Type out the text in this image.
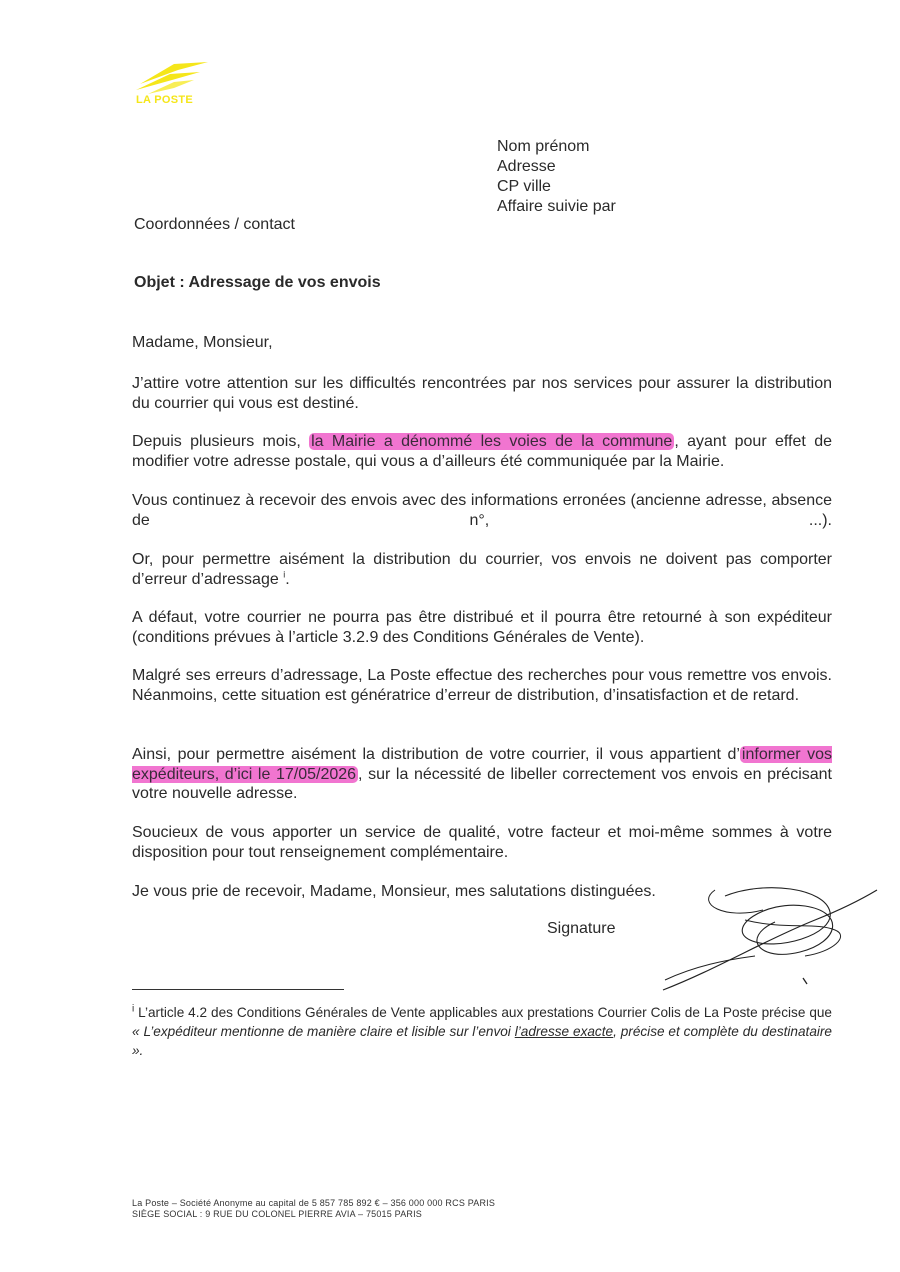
LA POSTE
Nom prénom
Adresse
CP ville
Affaire suivie par
Coordonnées / contact
Objet : Adressage de vos envois
Madame, Monsieur,
J’attire votre attention sur les difficultés rencontrées par nos services pour assurer la distribution du courrier qui vous est destiné.
Depuis plusieurs mois, la Mairie a dénommé les voies de la commune , ayant pour effet de modifier votre adresse postale, qui vous a d’ailleurs été communiquée par la Mairie.
Vous continuez à recevoir des envois avec des informations erronées (ancienne adresse, absence de n°, ...).
Or, pour permettre aisément la distribution du courrier, vos envois ne doivent pas comporter d’erreur d’adressage $^i$.
A défaut, votre courrier ne pourra pas être distribué et il pourra être retourné à son expéditeur (conditions prévues à l’article 3.2.9 des Conditions Générales de Vente).
Malgré ses erreurs d’adressage, La Poste effectue des recherches pour vous remettre vos envois. Néanmoins, cette situation est génératrice d’erreur de distribution, d’insatisfaction et de retard.
Ainsi, pour permettre aisément la distribution de votre courrier, il vous appartient d’ informer vos expéditeurs, d’ici le 17/05/2026 , sur la nécessité de libeller correctement vos envois en précisant votre nouvelle adresse.
Soucieux de vous apporter un service de qualité, votre facteur et moi-même sommes à votre disposition pour tout renseignement complémentaire.
Je vous prie de recevoir, Madame, Monsieur, mes salutations distinguées.
Signature
$^i$ L’article 4.2 des Conditions Générales de Vente applicables aux prestations Courrier Colis de La Poste précise que « L’expéditeur mentionne de manière claire et lisible sur l’envoi l’adresse exacte, précise et complète du destinataire ».
La Poste – Société Anonyme au capital de 5 857 785 892 € – 356 000 000 RCS PARIS
SIÈGE SOCIAL : 9 RUE DU COLONEL PIERRE AVIA – 75015 PARIS
